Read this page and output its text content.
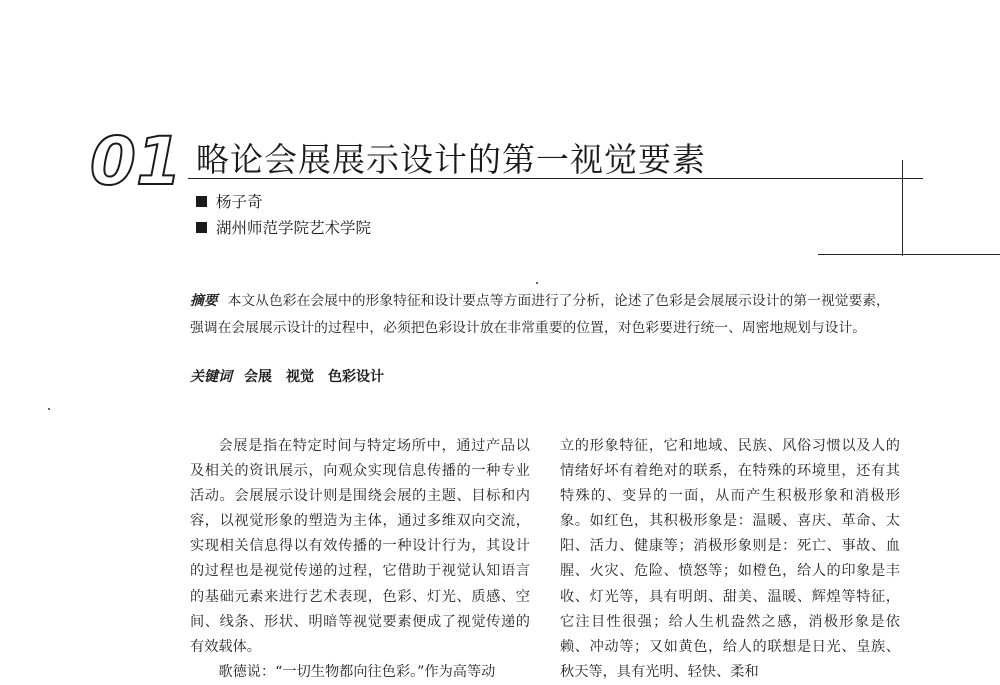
01 略论会展展示设计的第一视觉要素
杨子奇
湖州师范学院艺术学院
摘要 本文从色彩在会展中的形象特征和设计要点等方面进行了分析，论述了色彩是会展展示设计的第一视觉要素，强调在会展展示设计的过程中，必须把色彩设计放在非常重要的位置，对色彩要进行统一、周密地规划与设计。
关键词 会展 视觉 色彩设计

会展是指在特定时间与特定场所中，通过产品以及相关的资讯展示，向观众实现信息传播的一种专业活动。会展展示设计则是围绕会展的主题、目标和内容，以视觉形象的塑造为主体，通过多维双向交流，实现相关信息得以有效传播的一种设计行为，其设计的过程也是视觉传递的过程，它借助于视觉认知语言的基础元素来进行艺术表现，色彩、灯光、质感、空间、线条、形状、明暗等视觉要素便成了视觉传递的有效载体。

歌德说：“一切生物都向往色彩。”作为高等动

立的形象特征，它和地域、民族、风俗习惯以及人的情绪好坏有着绝对的联系，在特殊的环境里，还有其特殊的、变异的一面，从而产生积极形象和消极形象。如红色，其积极形象是：温暖、喜庆、革命、太阳、活力、健康等；消极形象则是：死亡、事故、血腥、火灾、危险、愤怒等；如橙色，给人的印象是丰收、灯光等，具有明朗、甜美、温暖、辉煌等特征，它注目性很强；给人生机盎然之感，消极形象是依赖、冲动等；又如黄色，给人的联想是日光、皇族、秋天等，具有光明、轻快、柔和
